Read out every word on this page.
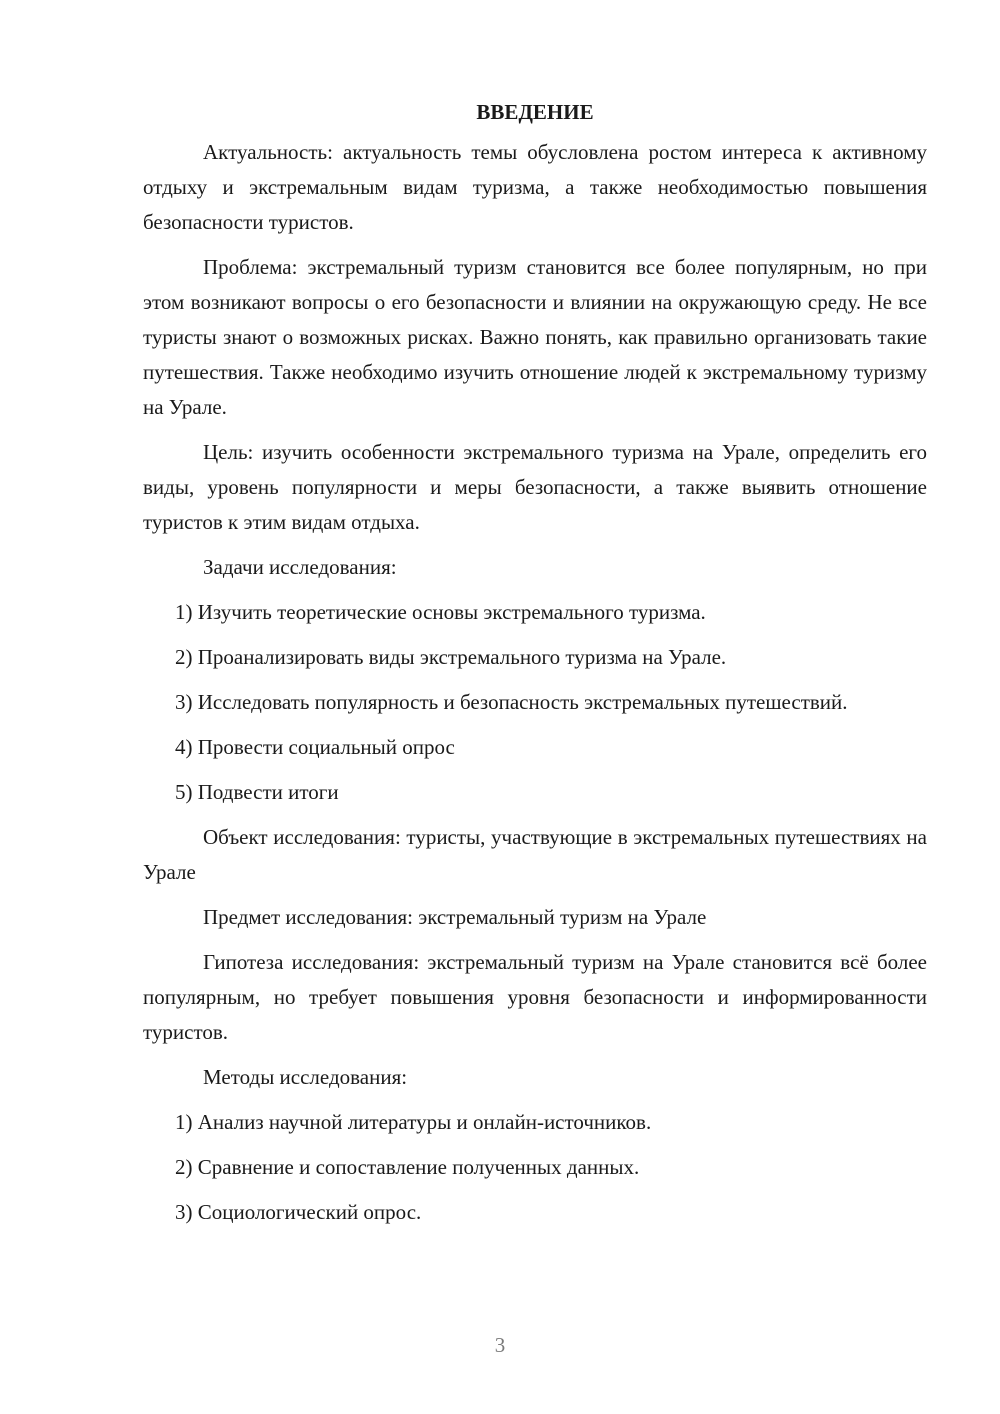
ВВЕДЕНИЕ

Актуальность: актуальность темы обусловлена ростом интереса к активному отдыху и экстремальным видам туризма, а также необходимостью повышения безопасности туристов.

Проблема: экстремальный туризм становится все более популярным, но при этом возникают вопросы о его безопасности и влиянии на окружающую среду. Не все туристы знают о возможных рисках. Важно понять, как правильно организовать такие путешествия. Также необходимо изучить отношение людей к экстремальному туризму на Урале.

Цель: изучить особенности экстремального туризма на Урале, определить его виды, уровень популярности и меры безопасности, а также выявить отношение туристов к этим видам отдыха.

Задачи исследования:

1) Изучить теоретические основы экстремального туризма.

2) Проанализировать виды экстремального туризма на Урале.

3) Исследовать популярность и безопасность экстремальных путешествий.

4) Провести социальный опрос

5) Подвести итоги

Объект исследования: туристы, участвующие в экстремальных путешествиях на Урале

Предмет исследования: экстремальный туризм на Урале

Гипотеза исследования: экстремальный туризм на Урале становится всё более популярным, но требует повышения уровня безопасности и информированности туристов.

Методы исследования:

1) Анализ научной литературы и онлайн-источников.

2) Сравнение и сопоставление полученных данных.

3) Социологический опрос.

3
